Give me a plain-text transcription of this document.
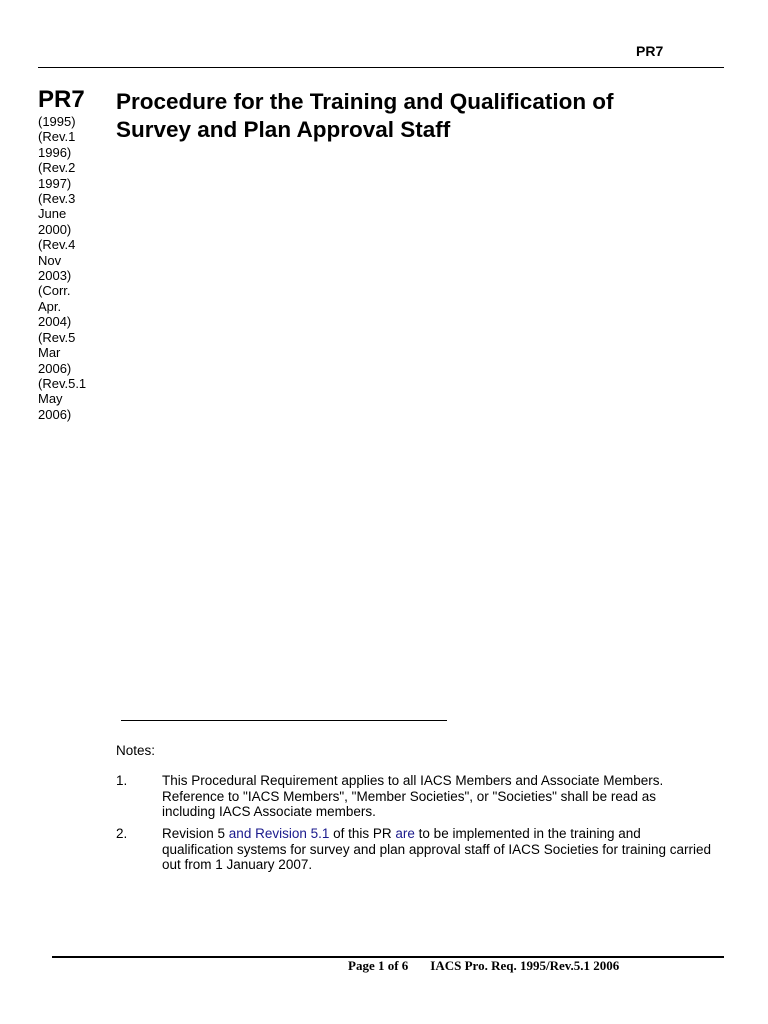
PR7
PR7
(1995)
(Rev.1
1996)
(Rev.2
1997)
(Rev.3
June
2000)
(Rev.4
Nov
2003)
(Corr.
Apr.
2004)
(Rev.5
Mar
2006)
(Rev.5.1
May
2006)
Procedure for the Training and Qualification of
Survey and Plan Approval Staff
Notes:
1.	This Procedural Requirement applies to all IACS Members and Associate Members. Reference to "IACS Members", "Member Societies", or "Societies" shall be read as including IACS Associate members.
2.	Revision 5 and Revision 5.1 of this PR are to be implemented in the training and qualification systems for survey and plan approval staff of IACS Societies for training carried out from 1 January 2007.
Page 1 of 6 IACS Pro. Req. 1995/Rev.5.1 2006
